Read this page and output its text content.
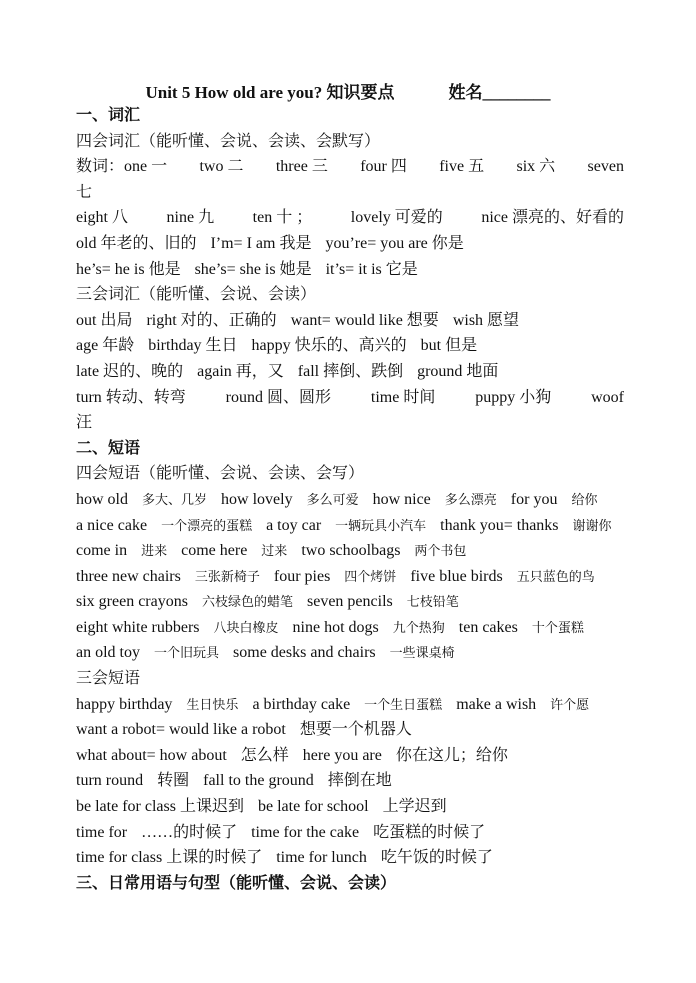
Unit 5 How old are you? 知识要点	姓名________
一、词汇
四会词汇（能听懂、会说、会读、会默写）
数词：one 一 two 二 three 三 four 四 five 五 six 六 seven
七
eight 八 nine 九 ten 十 ； lovely 可爱的 nice 漂亮的、好看的
old 年老的、旧的 I’m= I am 我是 you’re= you are 你是
he’s= he is 他是 she’s= she is 她是 it’s= it is 它是
三会词汇（能听懂、会说、会读）
out 出局 right 对的、正确的 want= would like 想要 wish 愿望
age 年龄 birthday 生日 happy 快乐的、高兴的 but 但是
late 迟的、晚的 again 再，又 fall 摔倒、跌倒 ground 地面
turn 转动、转弯 round 圆、圆形 time 时间 puppy 小狗 woof
汪
二、短语
四会短语（能听懂、会说、会读、会写）
how old 多大、几岁 how lovely 多么可爱 how nice 多么漂亮 for you 给你
a nice cake 一个漂亮的蛋糕 a toy car 一辆玩具小汽车 thank you= thanks 谢谢你
come in 进来 come here 过来 two schoolbags 两个书包
three new chairs 三张新椅子 four pies 四个烤饼 five blue birds 五只蓝色的鸟
six green crayons 六枝绿色的蜡笔 seven pencils 七枝铅笔
eight white rubbers 八块白橡皮 nine hot dogs 九个热狗 ten cakes 十个蛋糕
an old toy 一个旧玩具 some desks and chairs 一些课桌椅
三会短语
happy birthday 生日快乐 a birthday cake 一个生日蛋糕 make a wish 许个愿
want a robot= would like a robot 想要一个机器人
what about= how about 怎么样 here you are 你在这儿；给你
turn round 转圈 fall to the ground 摔倒在地
be late for class 上课迟到 be late for school 上学迟到
time for ……的时候了 time for the cake 吃蛋糕的时候了
time for class 上课的时候了 time for lunch 吃午饭的时候了
三、日常用语与句型（能听懂、会说、会读）
